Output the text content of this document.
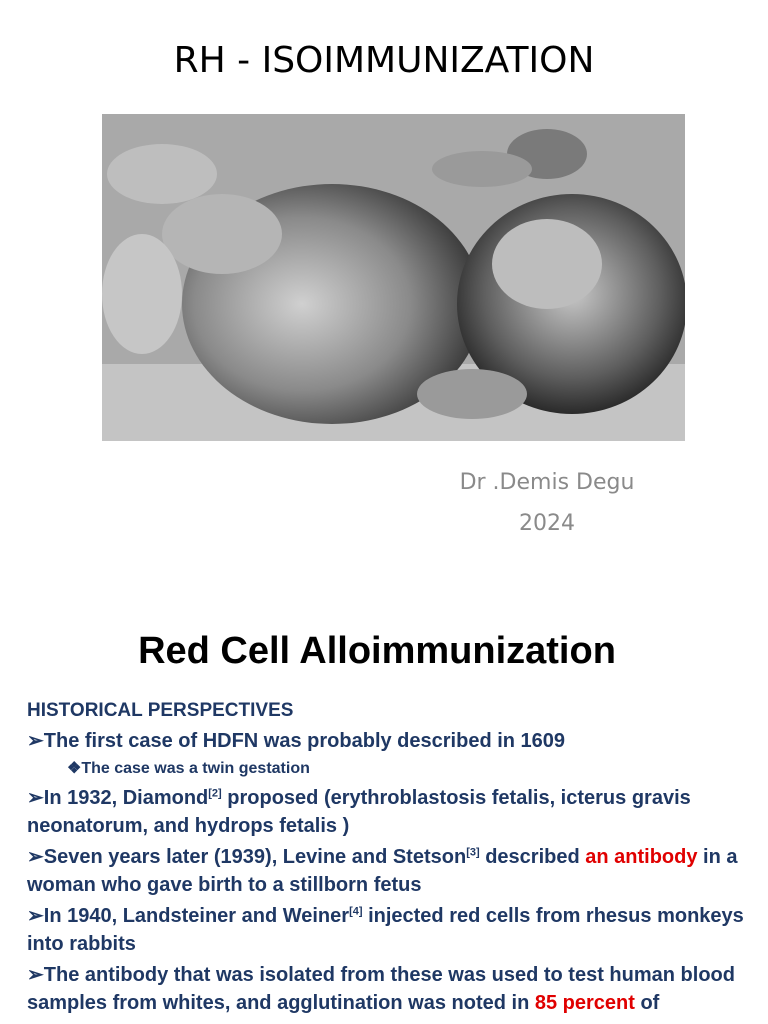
RH - ISOIMMUNIZATION
Dr .Demis Degu
2024
Red Cell Alloimmunization
HISTORICAL PERSPECTIVES
➢The first case of HDFN was probably described in 1609
❖The case was a twin gestation
➢In 1932, Diamond[2] proposed (erythroblastosis fetalis, icterus gravis neonatorum, and hydrops fetalis )
➢Seven years later (1939), Levine and Stetson[3] described an antibody in a woman who gave birth to a stillborn fetus
➢In 1940, Landsteiner and Weiner[4] injected red cells from rhesus monkeys into rabbits
➢The antibody that was isolated from these was used to test human blood samples from whites, and agglutination was noted in 85 percent of
